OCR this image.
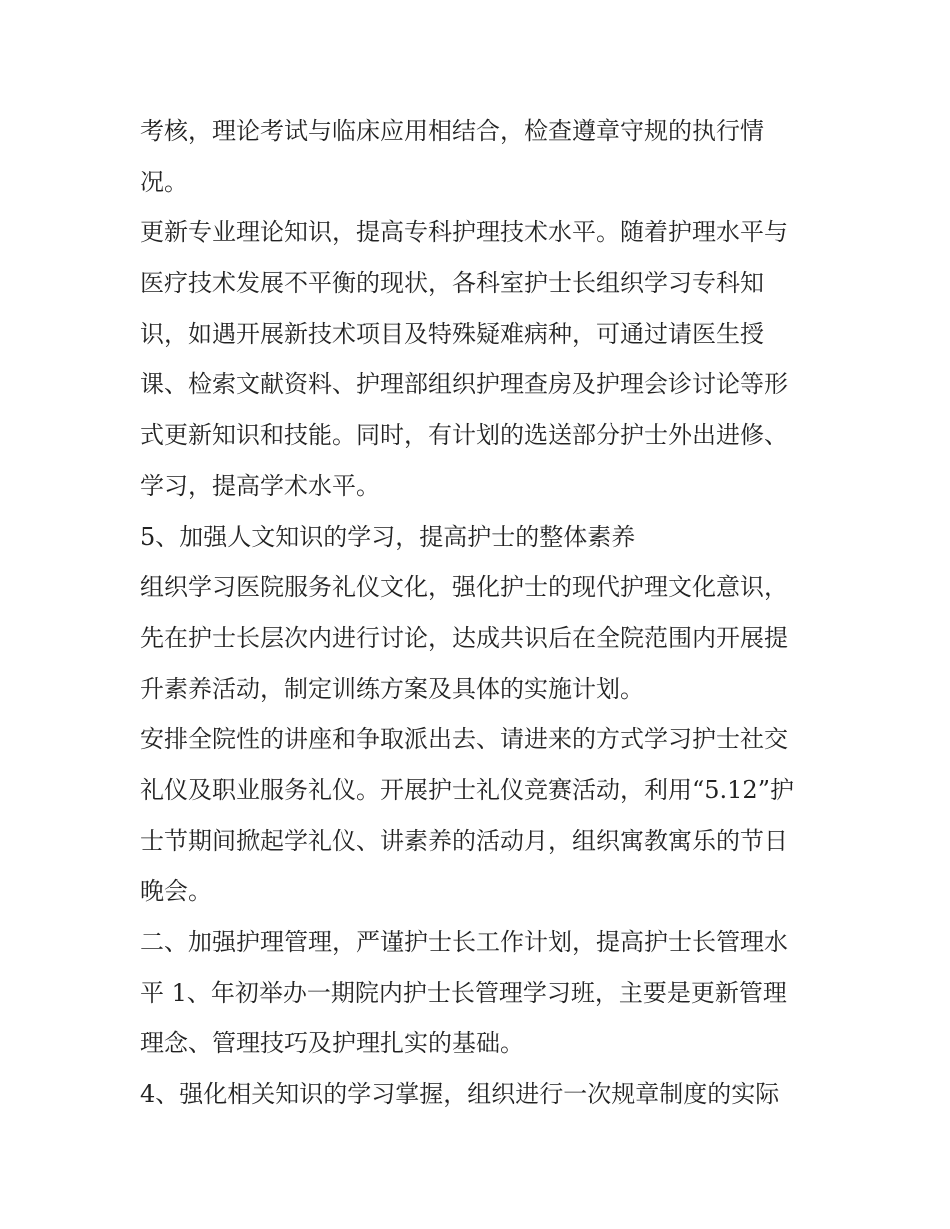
考核，理论考试与临床应用相结合，检查遵章守规的执行情
况。
更新专业理论知识，提高专科护理技术水平。随着护理水平与
医疗技术发展不平衡的现状，各科室护士长组织学习专科知
识，如遇开展新技术项目及特殊疑难病种，可通过请医生授
课、检索文献资料、护理部组织护理查房及护理会诊讨论等形
式更新知识和技能。同时，有计划的选送部分护士外出进修、
学习，提高学术水平。
5、加强人文知识的学习，提高护士的整体素养
组织学习医院服务礼仪文化，强化护士的现代护理文化意识，
先在护士长层次内进行讨论，达成共识后在全院范围内开展提
升素养活动，制定训练方案及具体的实施计划。
安排全院性的讲座和争取派出去、请进来的方式学习护士社交
礼仪及职业服务礼仪。开展护士礼仪竞赛活动，利用“5.12”护
士节期间掀起学礼仪、讲素养的活动月，组织寓教寓乐的节日
晚会。
二、加强护理管理，严谨护士长工作计划，提高护士长管理水
平 1、年初举办一期院内护士长管理学习班，主要是更新管理
理念、管理技巧及护理扎实的基础。
4、强化相关知识的学习掌握，组织进行一次规章制度的实际
